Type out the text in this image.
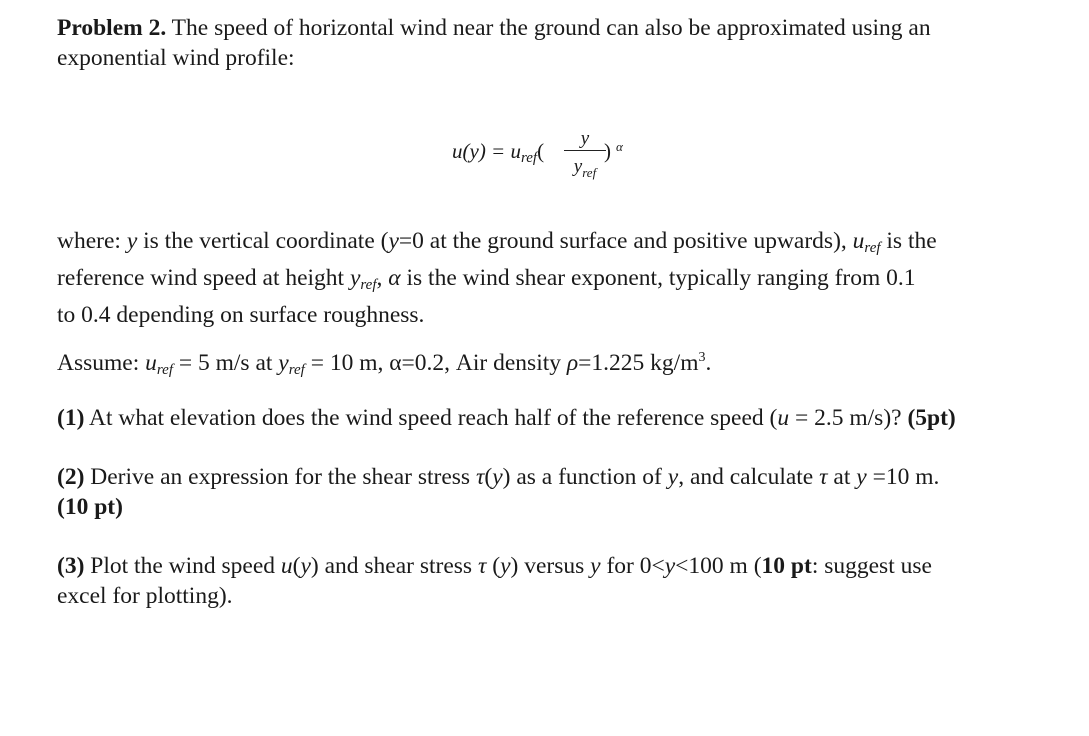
Problem 2. The speed of horizontal wind near the ground can also be approximated using an

exponential wind profile:

where: y is the vertical coordinate (y=0 at the ground surface and positive upwards), $u_{ref}$ is the

reference wind speed at height $y_{ref}$, α is the wind shear exponent, typically ranging from 0.1

to 0.4 depending on surface roughness.

Assume: $u_{ref} = 5$ m/s at $y_{ref} = 10$ m, α=0.2, Air density ρ=1.225 $kg/m^3$.

(1) At what elevation does the wind speed reach half of the reference speed (u = 2.5 m/s)? (5pt)

(2) Derive an expression for the shear stress τ(y) as a function of y, and calculate τ at y =10 m.

(10 pt)

(3) Plot the wind speed u(y) and shear stress τ (y) versus y for 0<y<100 m (10 pt: suggest use

excel for plotting).

$u(y) = u_{ref}$(
y
$y_{ref}$
) α
